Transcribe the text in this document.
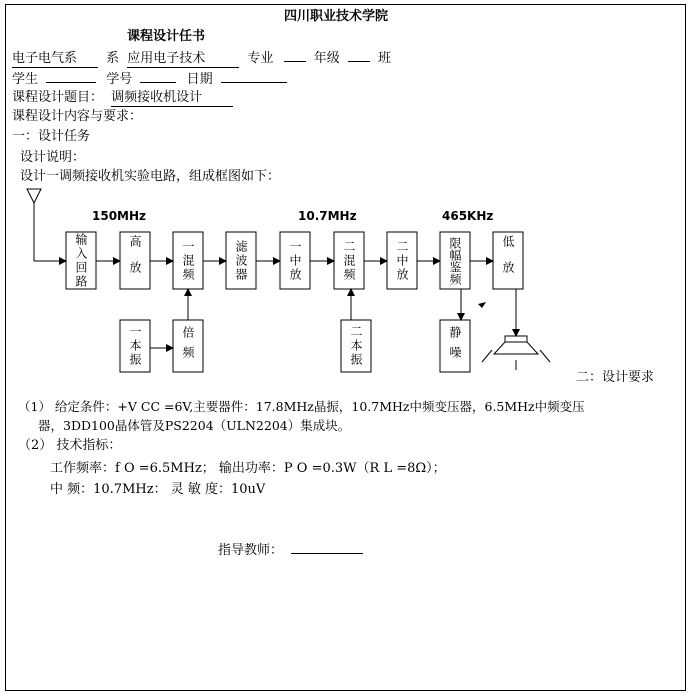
四川职业技术学院
课程设计任书
电子电气系 系 应用电子技术	专业	年级	班
学生	学号	日期
课程设计题目： 调频接收机设计
课程设计内容与要求：
一：设计任务
设计说明：
设计一调频接收机实验电路，组成框图如下：
150MHz	10.7MHz	465KHz
输入回路	高放	一混频	滤波器	一中放	二混频	二中放	限幅鉴频	低放
一本振	倍频	二本振	静噪
二：设计要求
（1） 给定条件：+V CC =6V,主要器件：17.8MHz晶振，10.7MHz中频变压器，6.5MHz中频变压
器，3DD100晶体管及PS2204（ULN2204）集成块。
（2） 技术指标：
工作频率：f O =6.5MHz； 输出功率：P O =0.3W（R L =8Ω）；
中 频：10.7MHz： 灵 敏 度：10uV
指导教师：
